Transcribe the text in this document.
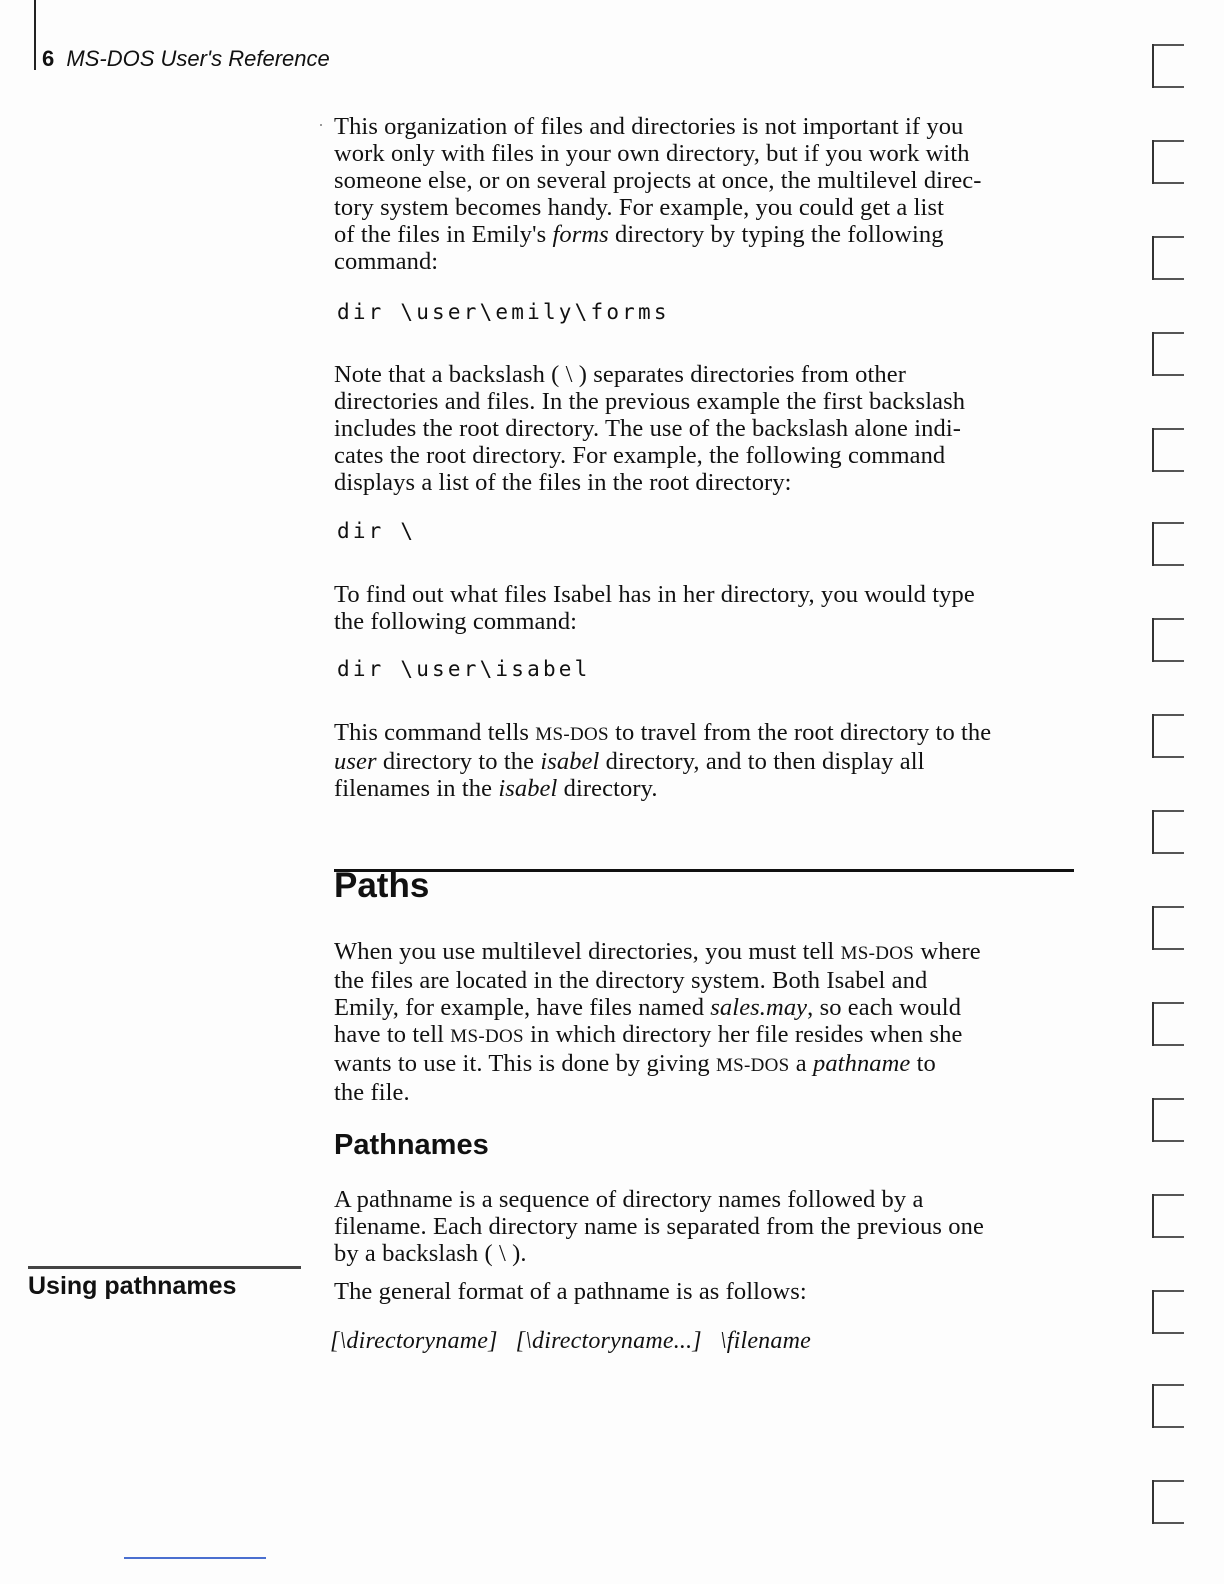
6 MS-DOS User's Reference

This organization of files and directories is not important if you
work only with files in your own directory, but if you work with
someone else, or on several projects at once, the multilevel direc-
tory system becomes handy. For example, you could get a list
of the files in Emily's forms directory by typing the following
command:

dir \user\emily\forms

Note that a backslash ( \ ) separates directories from other
directories and files. In the previous example the first backslash
includes the root directory. The use of the backslash alone indi-
cates the root directory. For example, the following command
displays a list of the files in the root directory:

dir \

To find out what files Isabel has in her directory, you would type
the following command:

dir \user\isabel

This command tells MS-DOS to travel from the root directory to the
user directory to the isabel directory, and to then display all
filenames in the isabel directory.

When you use multilevel directories, you must tell MS-DOS where
the files are located in the directory system. Both Isabel and
Emily, for example, have files named sales.may, so each would
have to tell MS-DOS in which directory her file resides when she
wants to use it. This is done by giving MS-DOS a pathname to
the file.

A pathname is a sequence of directory names followed by a
filename. Each directory name is separated from the previous one
by a backslash ( \ ).

The general format of a pathname is as follows:

Paths
Pathnames

Using pathnames

[\directoryname] [\directoryname...] \filename
